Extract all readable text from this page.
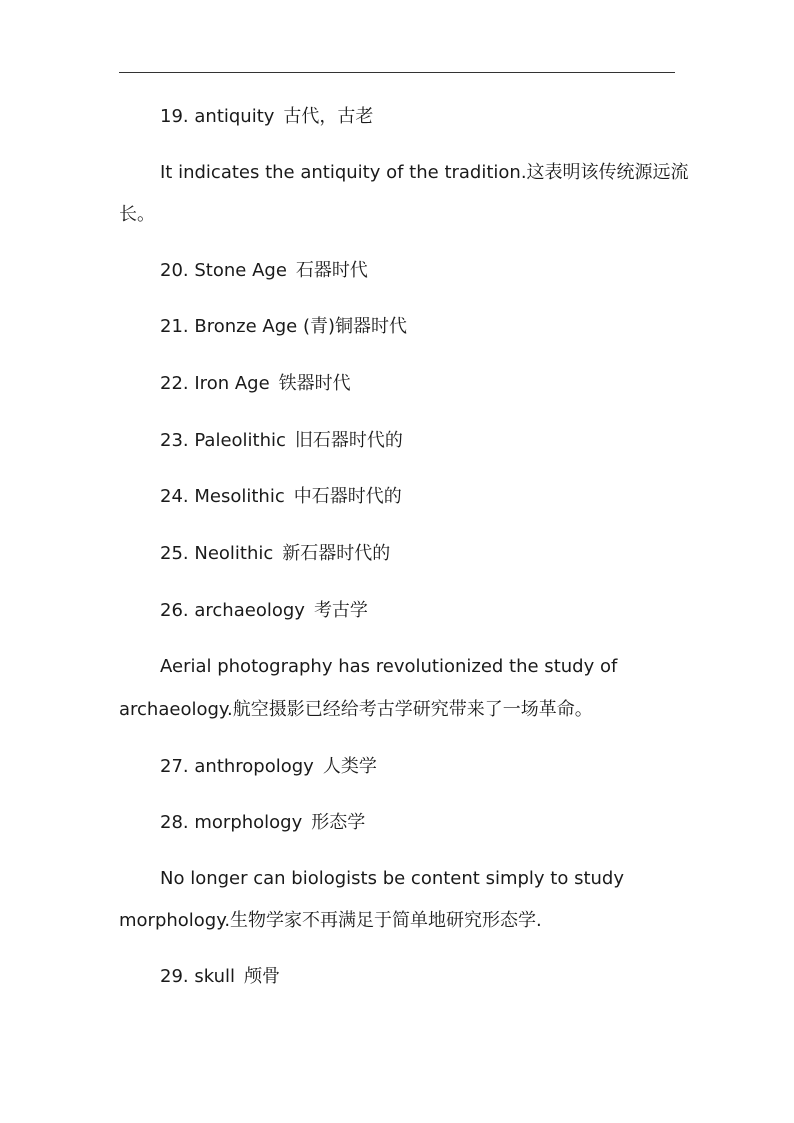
19. antiquity 古代，古老
It indicates the antiquity of the tradition.这表明该传统源远流
长。
20. Stone Age 石器时代
21. Bronze Age (青)铜器时代
22. Iron Age 铁器时代
23. Paleolithic 旧石器时代的
24. Mesolithic 中石器时代的
25. Neolithic 新石器时代的
26. archaeology 考古学
Aerial photography has revolutionized the study of
archaeology.航空摄影已经给考古学研究带来了一场革命。
27. anthropology 人类学
28. morphology 形态学
No longer can biologists be content simply to study
morphology.生物学家不再满足于简单地研究形态学.
29. skull 颅骨
